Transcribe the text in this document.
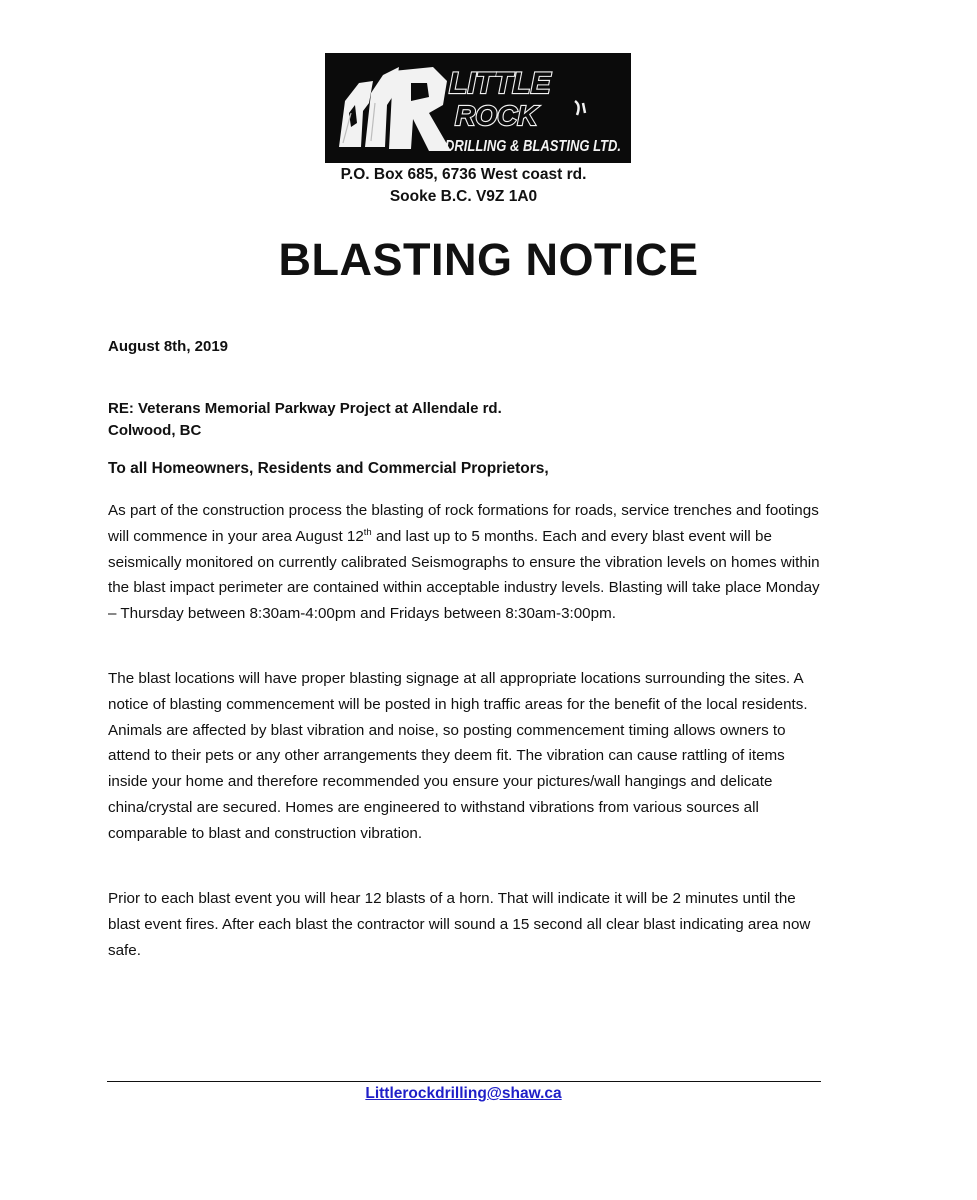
LITTLE
ROCK
DRILLING & BLASTING LTD.
P.O. Box 685, 6736 West coast rd.
Sooke B.C. V9Z 1A0
BLASTING NOTICE
August 8th, 2019
RE: Veterans Memorial Parkway Project at Allendale rd.
Colwood, BC
To all Homeowners, Residents and Commercial Proprietors,

As part of the construction process the blasting of rock formations for roads, service trenches and footings will commence in your area August 12th and last up to 5 months. Each and every blast event will be seismically monitored on currently calibrated Seismographs to ensure the vibration levels on homes within the blast impact perimeter are contained within acceptable industry levels. Blasting will take place Monday – Thursday between 8:30am-4:00pm and Fridays between 8:30am-3:00pm.

The blast locations will have proper blasting signage at all appropriate locations surrounding the sites. A notice of blasting commencement will be posted in high traffic areas for the benefit of the local residents. Animals are affected by blast vibration and noise, so posting commencement timing allows owners to attend to their pets or any other arrangements they deem fit. The vibration can cause rattling of items inside your home and therefore recommended you ensure your pictures/wall hangings and delicate china/crystal are secured. Homes are engineered to withstand vibrations from various sources all comparable to blast and construction vibration.

Prior to each blast event you will hear 12 blasts of a horn. That will indicate it will be 2 minutes until the blast event fires. After each blast the contractor will sound a 15 second all clear blast indicating area now safe.

Littlerockdrilling@shaw.ca
